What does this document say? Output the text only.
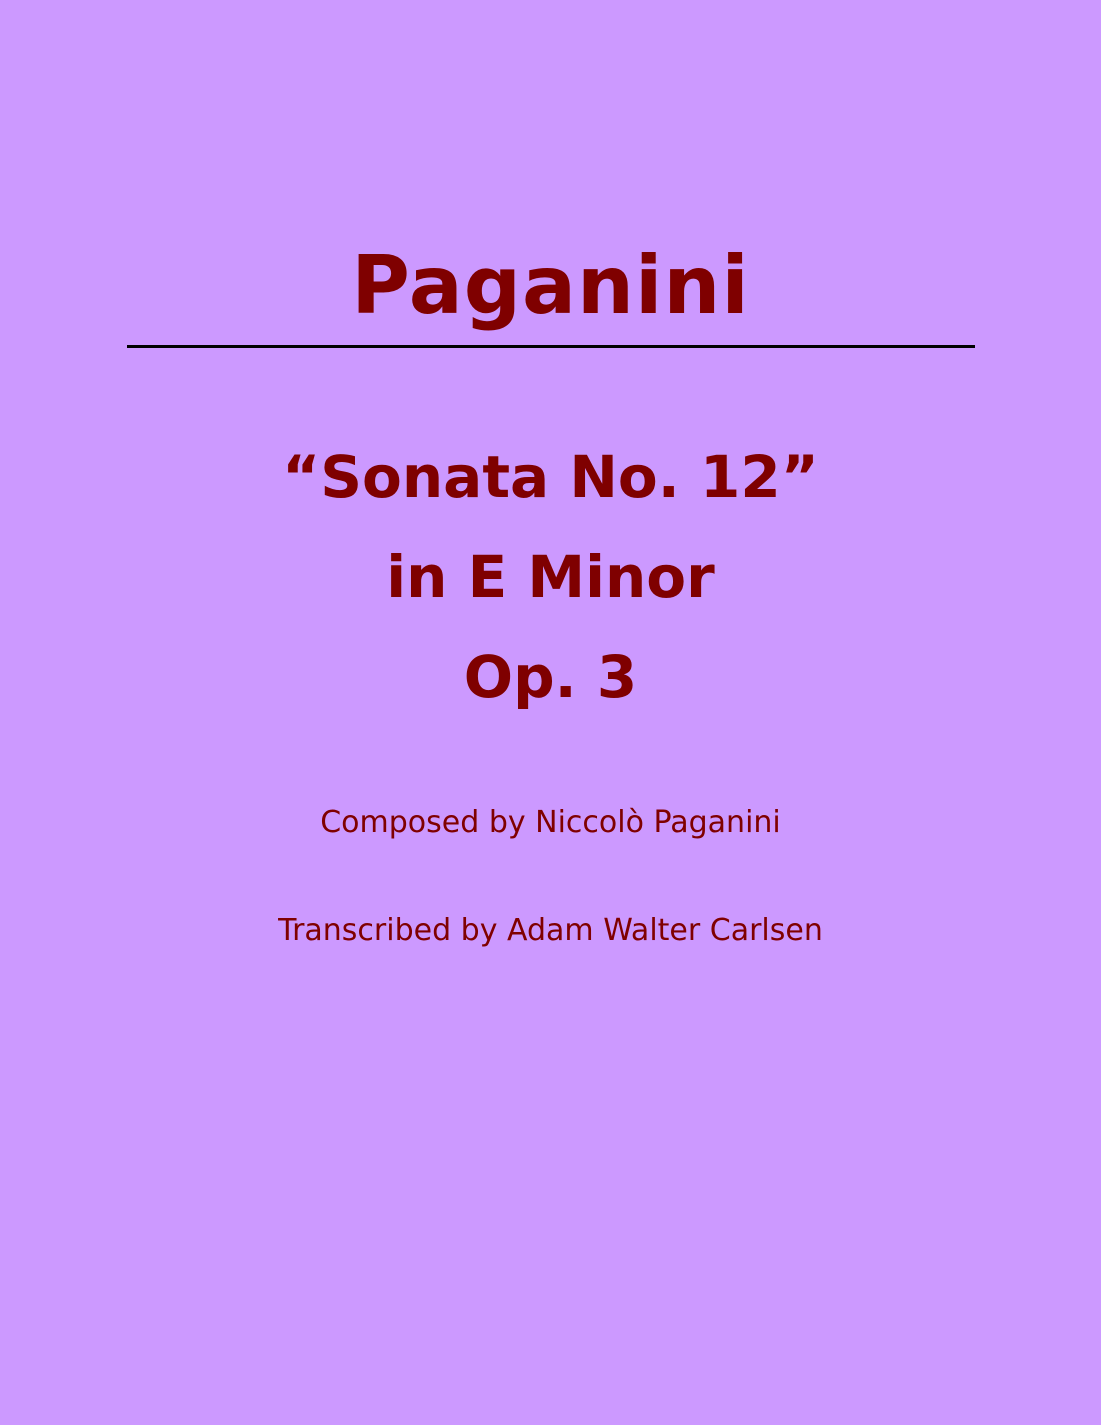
Paganini
“Sonata No. 12”
in E Minor
Op. 3
Composed by Niccolò Paganini
Transcribed by Adam Walter Carlsen
